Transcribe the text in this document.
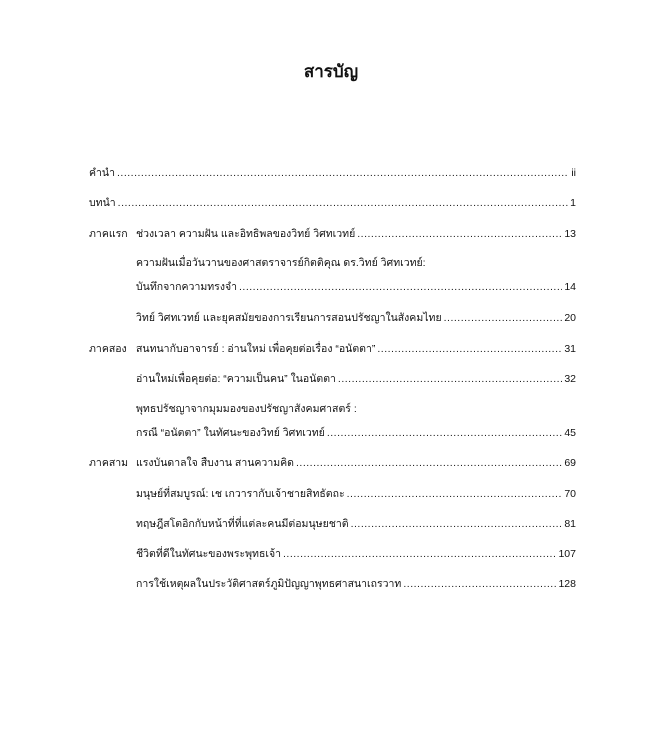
สารบัญ
คำนำ .....	ii
บทนำ .....	1
ภาคแรก ช่วงเวลา ความฝัน และอิทธิพลของวิทย์ วิศทเวทย์ .....	13
ความฝันเมื่อวันวานของศาสตราจารย์กิตติคุณ ดร.วิทย์ วิศทเวทย์:
บันทึกจากความทรงจำ .....	14
วิทย์ วิศทเวทย์ และยุคสมัยของการเรียนการสอนปรัชญาในสังคมไทย .....	20
ภาคสอง สนทนากับอาจารย์ : อ่านใหม่ เพื่อคุยต่อเรื่อง “อนัตตา” .....	31
อ่านใหม่เพื่อคุยต่อ: “ความเป็นคน” ในอนัตตา .....	32
พุทธปรัชญาจากมุมมองของปรัชญาสังคมศาสตร์ :
กรณี “อนัตตา” ในทัศนะของวิทย์ วิศทเวทย์ .....	45
ภาคสาม แรงบันดาลใจ สืบงาน สานความคิด .....	69
มนุษย์ที่สมบูรณ์: เช เกวารากับเจ้าชายสิทธัตถะ .....	70
ทฤษฎีสโตอิกกับหน้าที่ที่แต่ละคนมีต่อมนุษยชาติ .....	81
ชีวิตที่ดีในทัศนะของพระพุทธเจ้า .....	107
การใช้เหตุผลในประวัติศาสตร์ภูมิปัญญาพุทธศาสนาเถรวาท .....	128
